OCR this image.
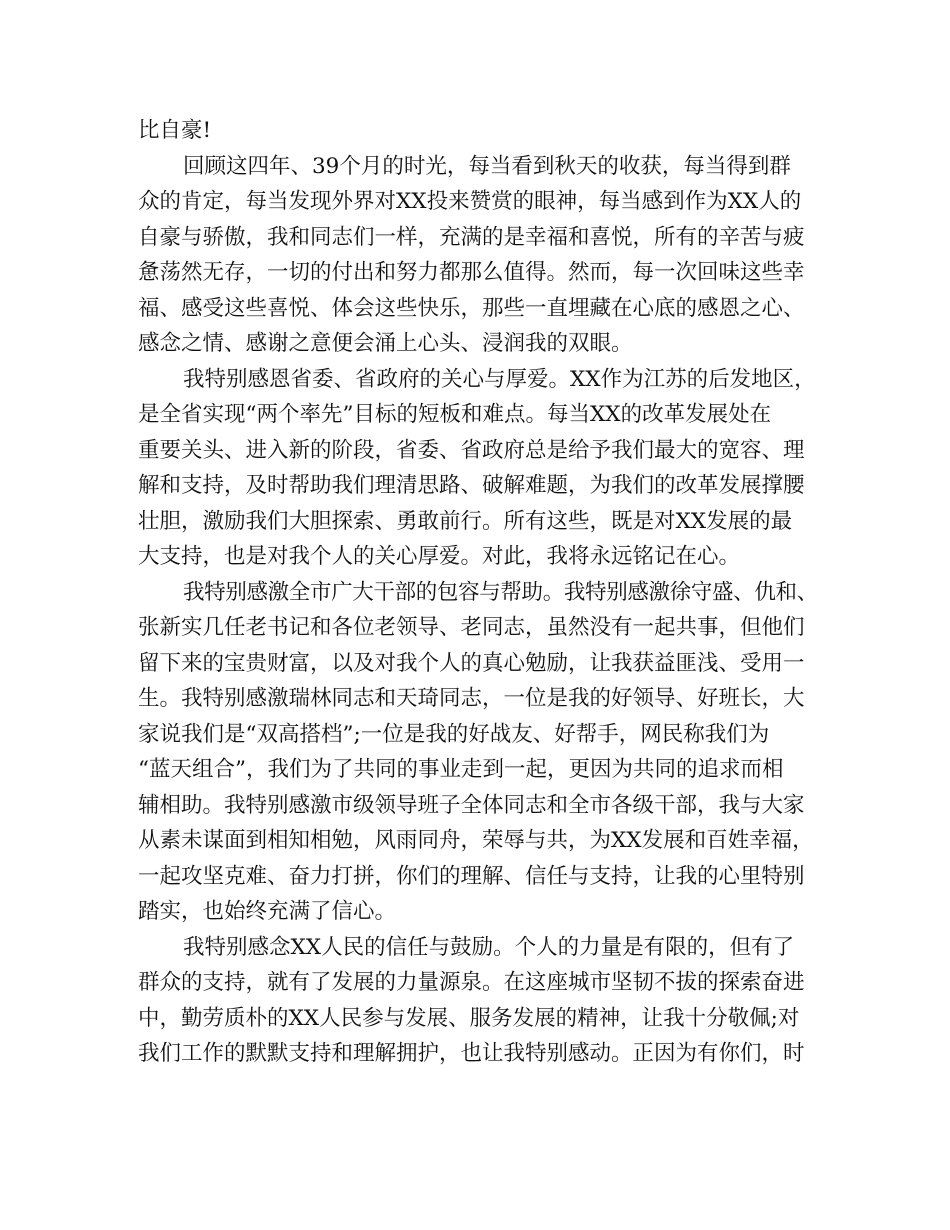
比自豪!
回顾这四年、39个月的时光，每当看到秋天的收获，每当得到群
众的肯定，每当发现外界对XX投来赞赏的眼神，每当感到作为XX人的
自豪与骄傲，我和同志们一样，充满的是幸福和喜悦，所有的辛苦与疲
惫荡然无存，一切的付出和努力都那么值得。然而，每一次回味这些幸
福、感受这些喜悦、体会这些快乐，那些一直埋藏在心底的感恩之心、
感念之情、感谢之意便会涌上心头、浸润我的双眼。
我特别感恩省委、省政府的关心与厚爱。XX作为江苏的后发地区，
是全省实现“两个率先”目标的短板和难点。每当XX的改革发展处在
重要关头、进入新的阶段，省委、省政府总是给予我们最大的宽容、理
解和支持，及时帮助我们理清思路、破解难题，为我们的改革发展撑腰
壮胆，激励我们大胆探索、勇敢前行。所有这些，既是对XX发展的最
大支持，也是对我个人的关心厚爱。对此，我将永远铭记在心。
我特别感激全市广大干部的包容与帮助。我特别感激徐守盛、仇和、
张新实几任老书记和各位老领导、老同志，虽然没有一起共事，但他们
留下来的宝贵财富，以及对我个人的真心勉励，让我获益匪浅、受用一
生。我特别感激瑞林同志和天琦同志，一位是我的好领导、好班长，大
家说我们是“双高搭档”;一位是我的好战友、好帮手，网民称我们为
“蓝天组合”，我们为了共同的事业走到一起，更因为共同的追求而相
辅相助。我特别感激市级领导班子全体同志和全市各级干部，我与大家
从素未谋面到相知相勉，风雨同舟，荣辱与共，为XX发展和百姓幸福，
一起攻坚克难、奋力打拼，你们的理解、信任与支持，让我的心里特别
踏实，也始终充满了信心。
我特别感念XX人民的信任与鼓励。个人的力量是有限的，但有了
群众的支持，就有了发展的力量源泉。在这座城市坚韧不拔的探索奋进
中，勤劳质朴的XX人民参与发展、服务发展的精神，让我十分敬佩;对
我们工作的默默支持和理解拥护，也让我特别感动。正因为有你们，时
